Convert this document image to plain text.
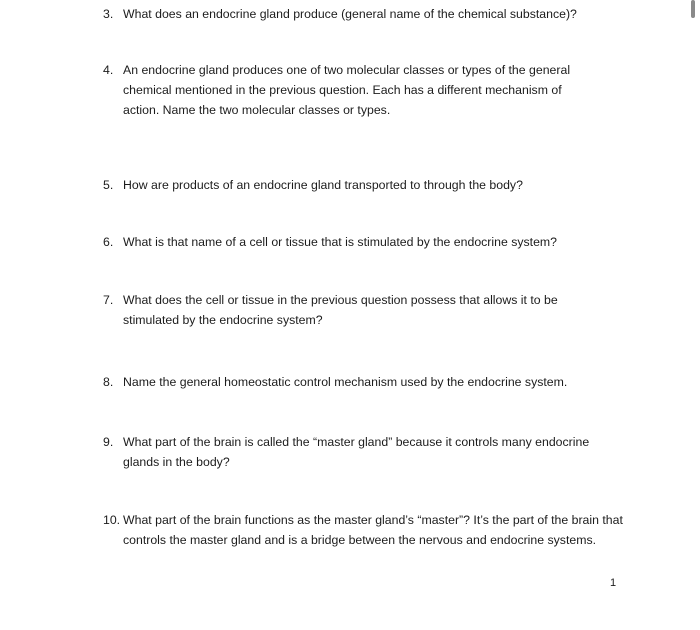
3. What does an endocrine gland produce (general name of the chemical substance)?
4. An endocrine gland produces one of two molecular classes or types of the general chemical mentioned in the previous question. Each has a different mechanism of action. Name the two molecular classes or types.
5. How are products of an endocrine gland transported to through the body?
6. What is that name of a cell or tissue that is stimulated by the endocrine system?
7. What does the cell or tissue in the previous question possess that allows it to be stimulated by the endocrine system?
8. Name the general homeostatic control mechanism used by the endocrine system.
9. What part of the brain is called the “master gland” because it controls many endocrine glands in the body?
10. What part of the brain functions as the master gland’s “master”? It’s the part of the brain that controls the master gland and is a bridge between the nervous and endocrine systems.
1
